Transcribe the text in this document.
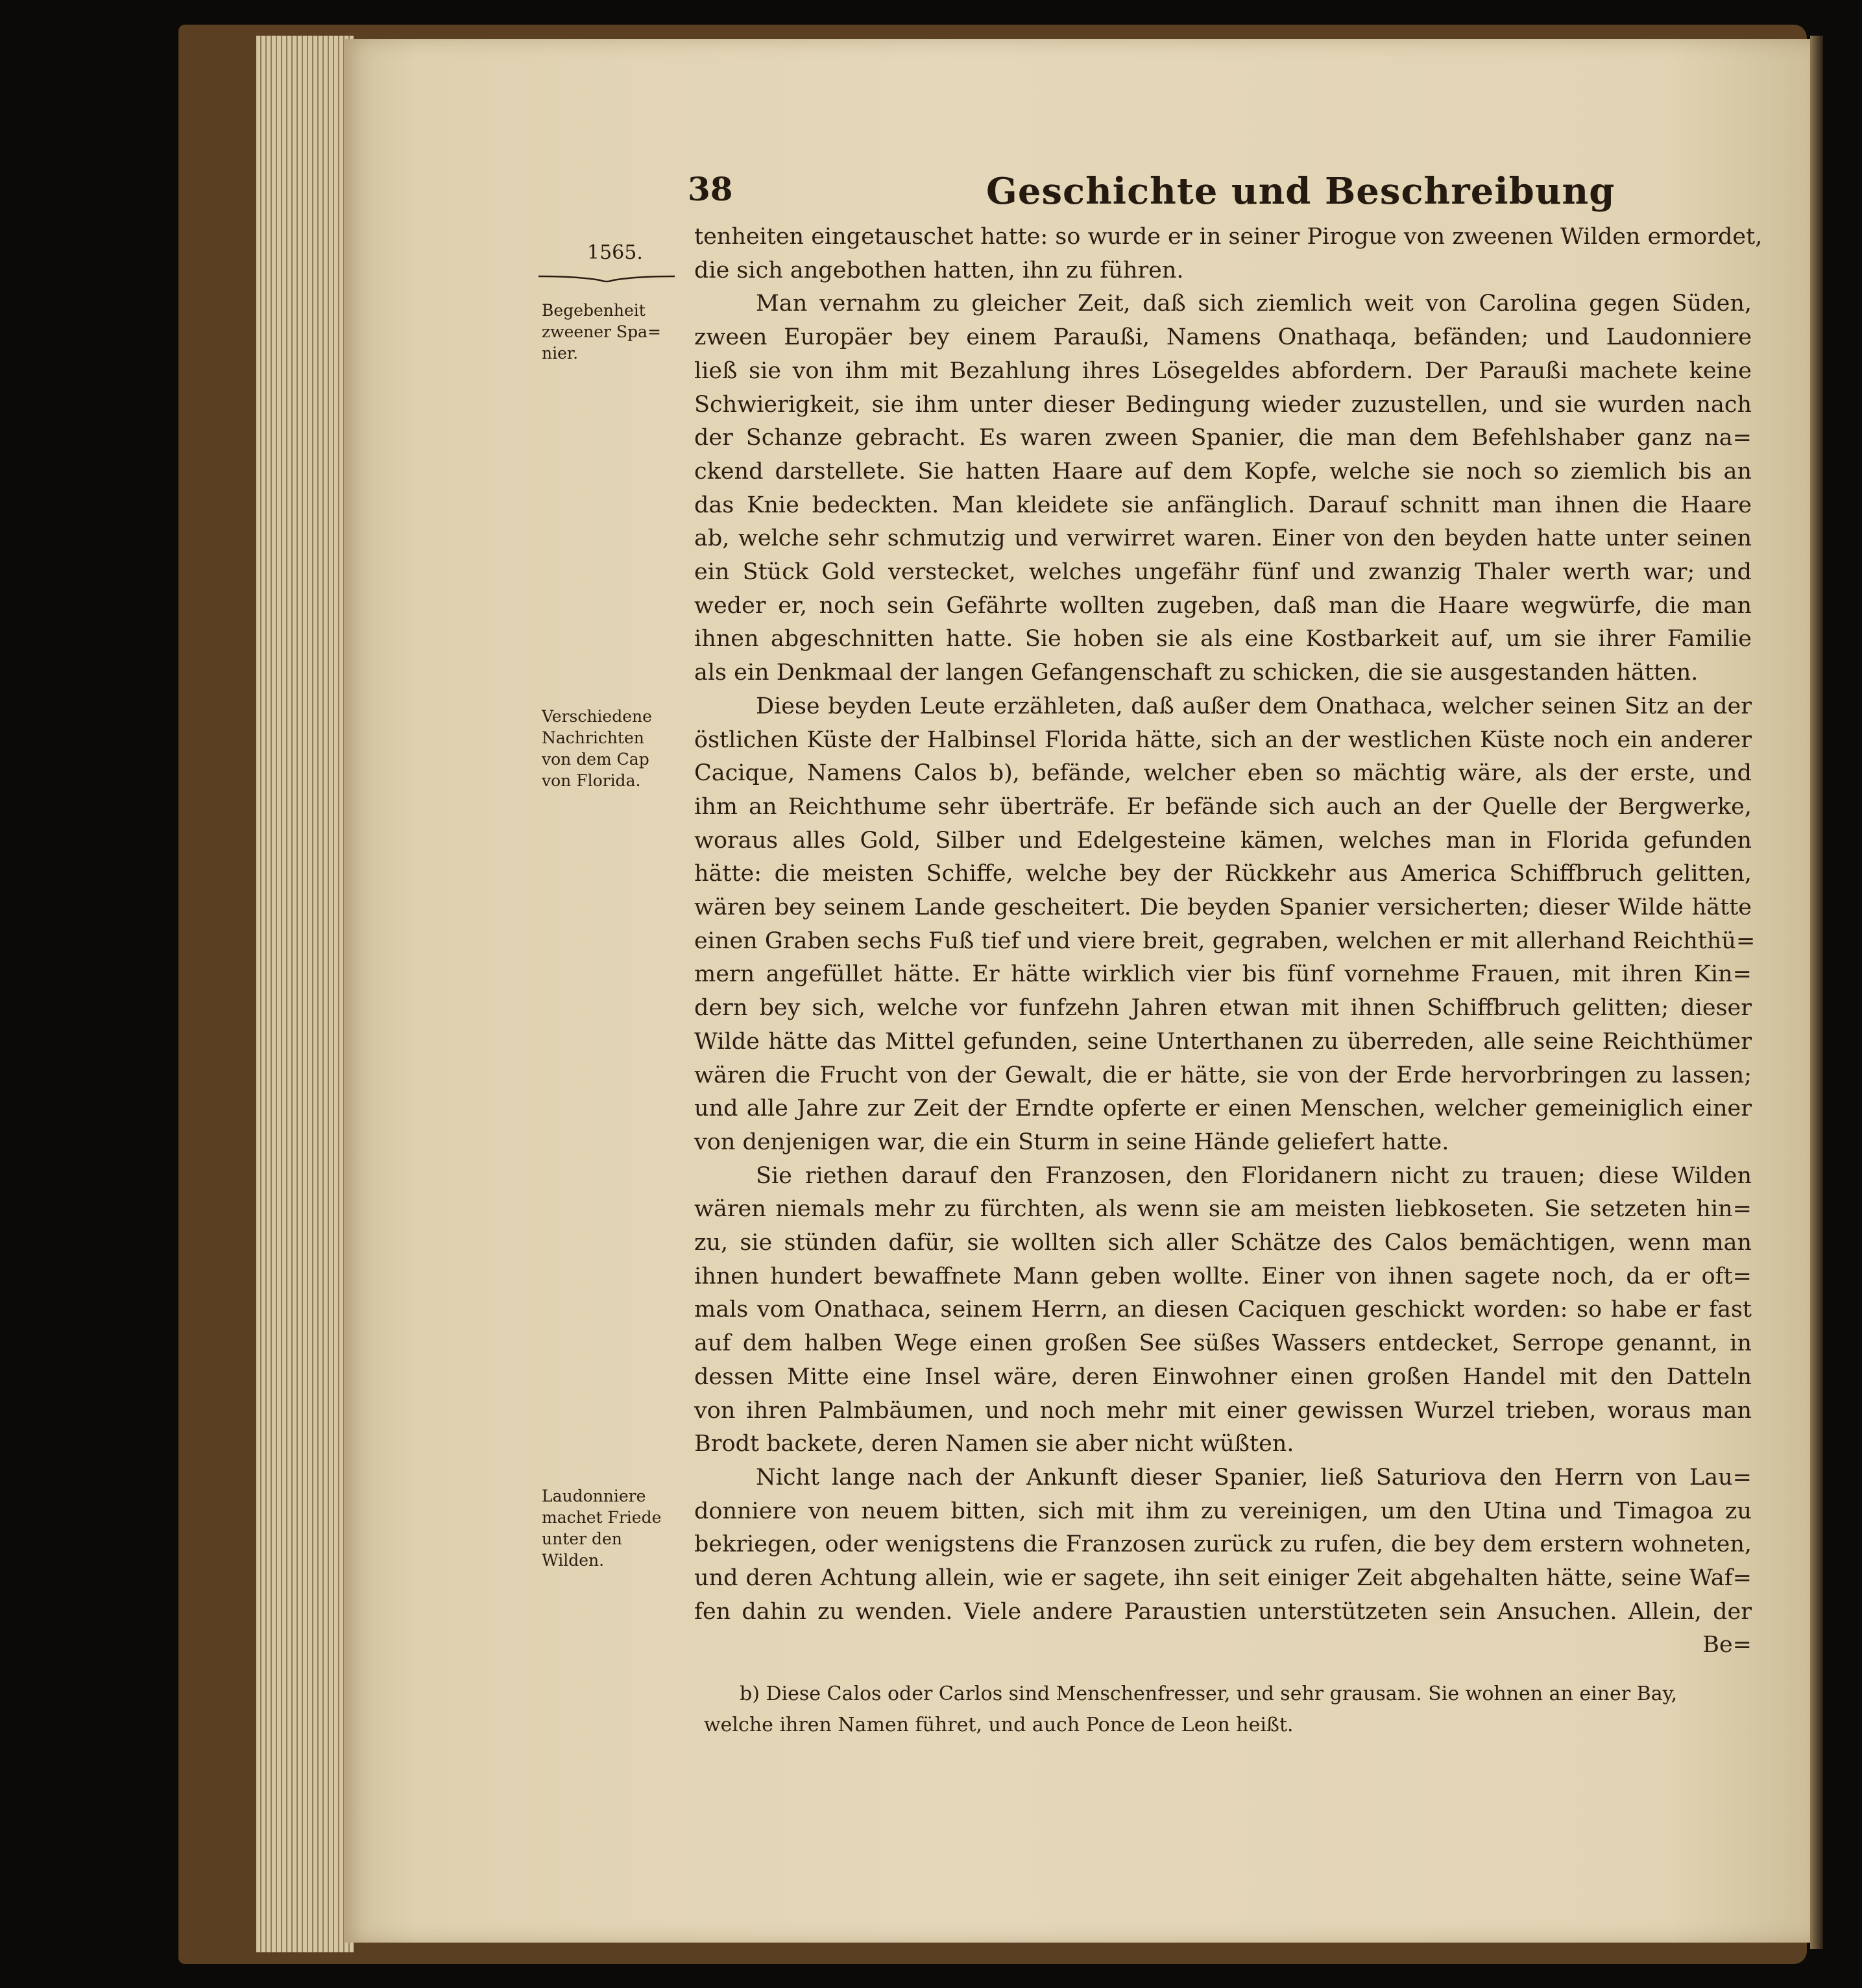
38	Geschichte und Beschreibung
1565.
Begebenheit
zweener Spa=
nier.
Verschiedene
Nachrichten
von dem Cap
von Florida.
Laudonniere
machet Friede
unter den
Wilden.
tenheiten eingetauschet hatte: so wurde er in seiner Pirogue von zweenen Wilden ermordet,
die sich angebothen hatten, ihn zu führen.
Man vernahm zu gleicher Zeit, daß sich ziemlich weit von Carolina gegen Süden,
zween Europäer bey einem Paraußi, Namens Onathaqa, befänden; und Laudonniere
ließ sie von ihm mit Bezahlung ihres Lösegeldes abfordern. Der Paraußi machete keine
Schwierigkeit, sie ihm unter dieser Bedingung wieder zuzustellen, und sie wurden nach
der Schanze gebracht. Es waren zween Spanier, die man dem Befehlshaber ganz na=
ckend darstellete. Sie hatten Haare auf dem Kopfe, welche sie noch so ziemlich bis an
das Knie bedeckten. Man kleidete sie anfänglich. Darauf schnitt man ihnen die Haare
ab, welche sehr schmutzig und verwirret waren. Einer von den beyden hatte unter seinen
ein Stück Gold verstecket, welches ungefähr fünf und zwanzig Thaler werth war; und
weder er, noch sein Gefährte wollten zugeben, daß man die Haare wegwürfe, die man
ihnen abgeschnitten hatte. Sie hoben sie als eine Kostbarkeit auf, um sie ihrer Familie
als ein Denkmaal der langen Gefangenschaft zu schicken, die sie ausgestanden hätten.
Diese beyden Leute erzähleten, daß außer dem Onathaca, welcher seinen Sitz an der
östlichen Küste der Halbinsel Florida hätte, sich an der westlichen Küste noch ein anderer
Cacique, Namens Calos b), befände, welcher eben so mächtig wäre, als der erste, und
ihm an Reichthume sehr überträfe. Er befände sich auch an der Quelle der Bergwerke,
woraus alles Gold, Silber und Edelgesteine kämen, welches man in Florida gefunden
hätte: die meisten Schiffe, welche bey der Rückkehr aus America Schiffbruch gelitten,
wären bey seinem Lande gescheitert. Die beyden Spanier versicherten; dieser Wilde hätte
einen Graben sechs Fuß tief und viere breit, gegraben, welchen er mit allerhand Reichthü=
mern angefüllet hätte. Er hätte wirklich vier bis fünf vornehme Frauen, mit ihren Kin=
dern bey sich, welche vor funfzehn Jahren etwan mit ihnen Schiffbruch gelitten; dieser
Wilde hätte das Mittel gefunden, seine Unterthanen zu überreden, alle seine Reichthümer
wären die Frucht von der Gewalt, die er hätte, sie von der Erde hervorbringen zu lassen;
und alle Jahre zur Zeit der Erndte opferte er einen Menschen, welcher gemeiniglich einer
von denjenigen war, die ein Sturm in seine Hände geliefert hatte.
Sie riethen darauf den Franzosen, den Floridanern nicht zu trauen; diese Wilden
wären niemals mehr zu fürchten, als wenn sie am meisten liebkoseten. Sie setzeten hin=
zu, sie stünden dafür, sie wollten sich aller Schätze des Calos bemächtigen, wenn man
ihnen hundert bewaffnete Mann geben wollte. Einer von ihnen sagete noch, da er oft=
mals vom Onathaca, seinem Herrn, an diesen Caciquen geschickt worden: so habe er fast
auf dem halben Wege einen großen See süßes Wassers entdecket, Serrope genannt, in
dessen Mitte eine Insel wäre, deren Einwohner einen großen Handel mit den Datteln
von ihren Palmbäumen, und noch mehr mit einer gewissen Wurzel trieben, woraus man
Brodt backete, deren Namen sie aber nicht wüßten.
Nicht lange nach der Ankunft dieser Spanier, ließ Saturiova den Herrn von Lau=
donniere von neuem bitten, sich mit ihm zu vereinigen, um den Utina und Timagoa zu
bekriegen, oder wenigstens die Franzosen zurück zu rufen, die bey dem erstern wohneten,
und deren Achtung allein, wie er sagete, ihn seit einiger Zeit abgehalten hätte, seine Waf=
fen dahin zu wenden. Viele andere Paraustien unterstützeten sein Ansuchen. Allein, der
Be=
b) Diese Calos oder Carlos sind Menschenfresser, und sehr grausam. Sie wohnen an einer Bay,
welche ihren Namen führet, und auch Ponce de Leon heißt.
